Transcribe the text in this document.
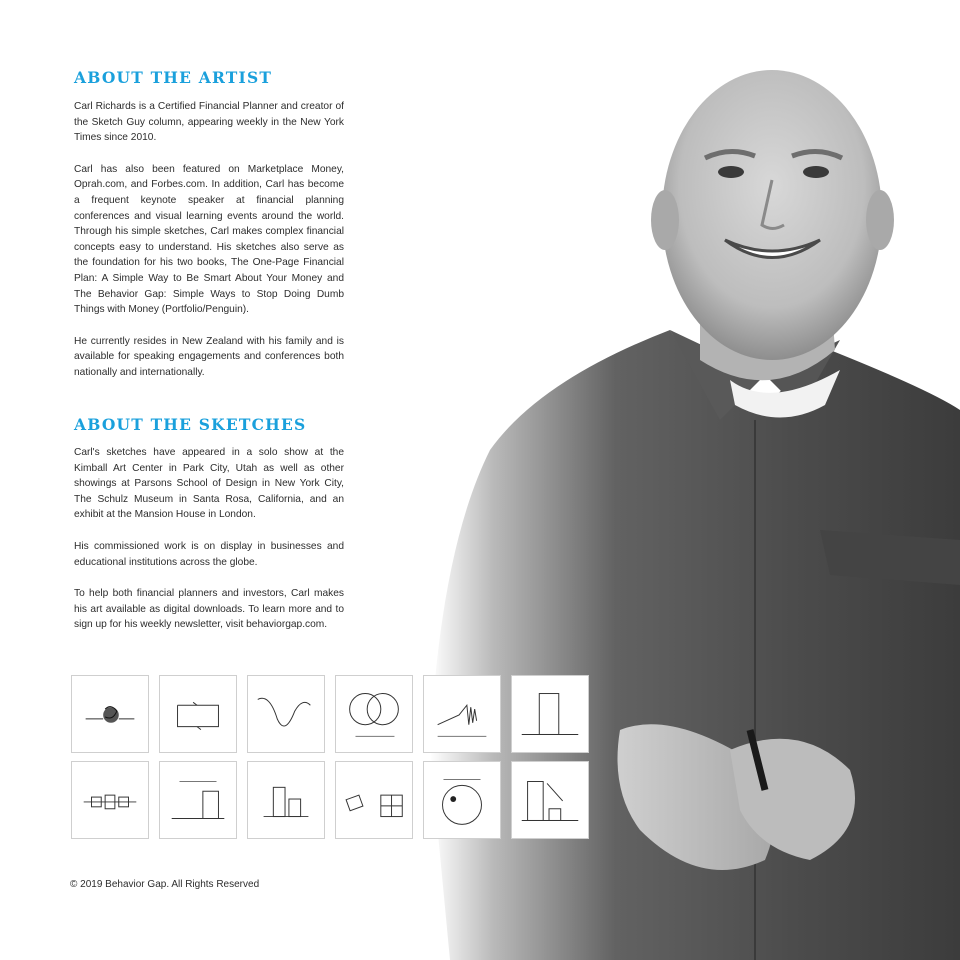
ABOUT THE ARTIST

Carl Richards is a Certified Financial Planner and creator of the Sketch Guy column, appearing weekly in the New York Times since 2010.

Carl has also been featured on Marketplace Money, Oprah.com, and Forbes.com. In addition, Carl has become a frequent keynote speaker at financial planning conferences and visual learning events around the world. Through his simple sketches, Carl makes complex financial concepts easy to understand. His sketches also serve as the foundation for his two books, The One-Page Financial Plan: A Simple Way to Be Smart About Your Money and The Behavior Gap: Simple Ways to Stop Doing Dumb Things with Money (Portfolio/Penguin).

He currently resides in New Zealand with his family and is available for speaking engagements and conferences both nationally and internationally.

ABOUT THE SKETCHES

Carl's sketches have appeared in a solo show at the Kimball Art Center in Park City, Utah as well as other showings at Parsons School of Design in New York City, The Schulz Museum in Santa Rosa, California, and an exhibit at the Mansion House in London.

His commissioned work is on display in businesses and educational institutions across the globe.

To help both financial planners and investors, Carl makes his art available as digital downloads. To learn more and to sign up for his weekly newsletter, visit behaviorgap.com.

© 2019 Behavior Gap. All Rights Reserved
